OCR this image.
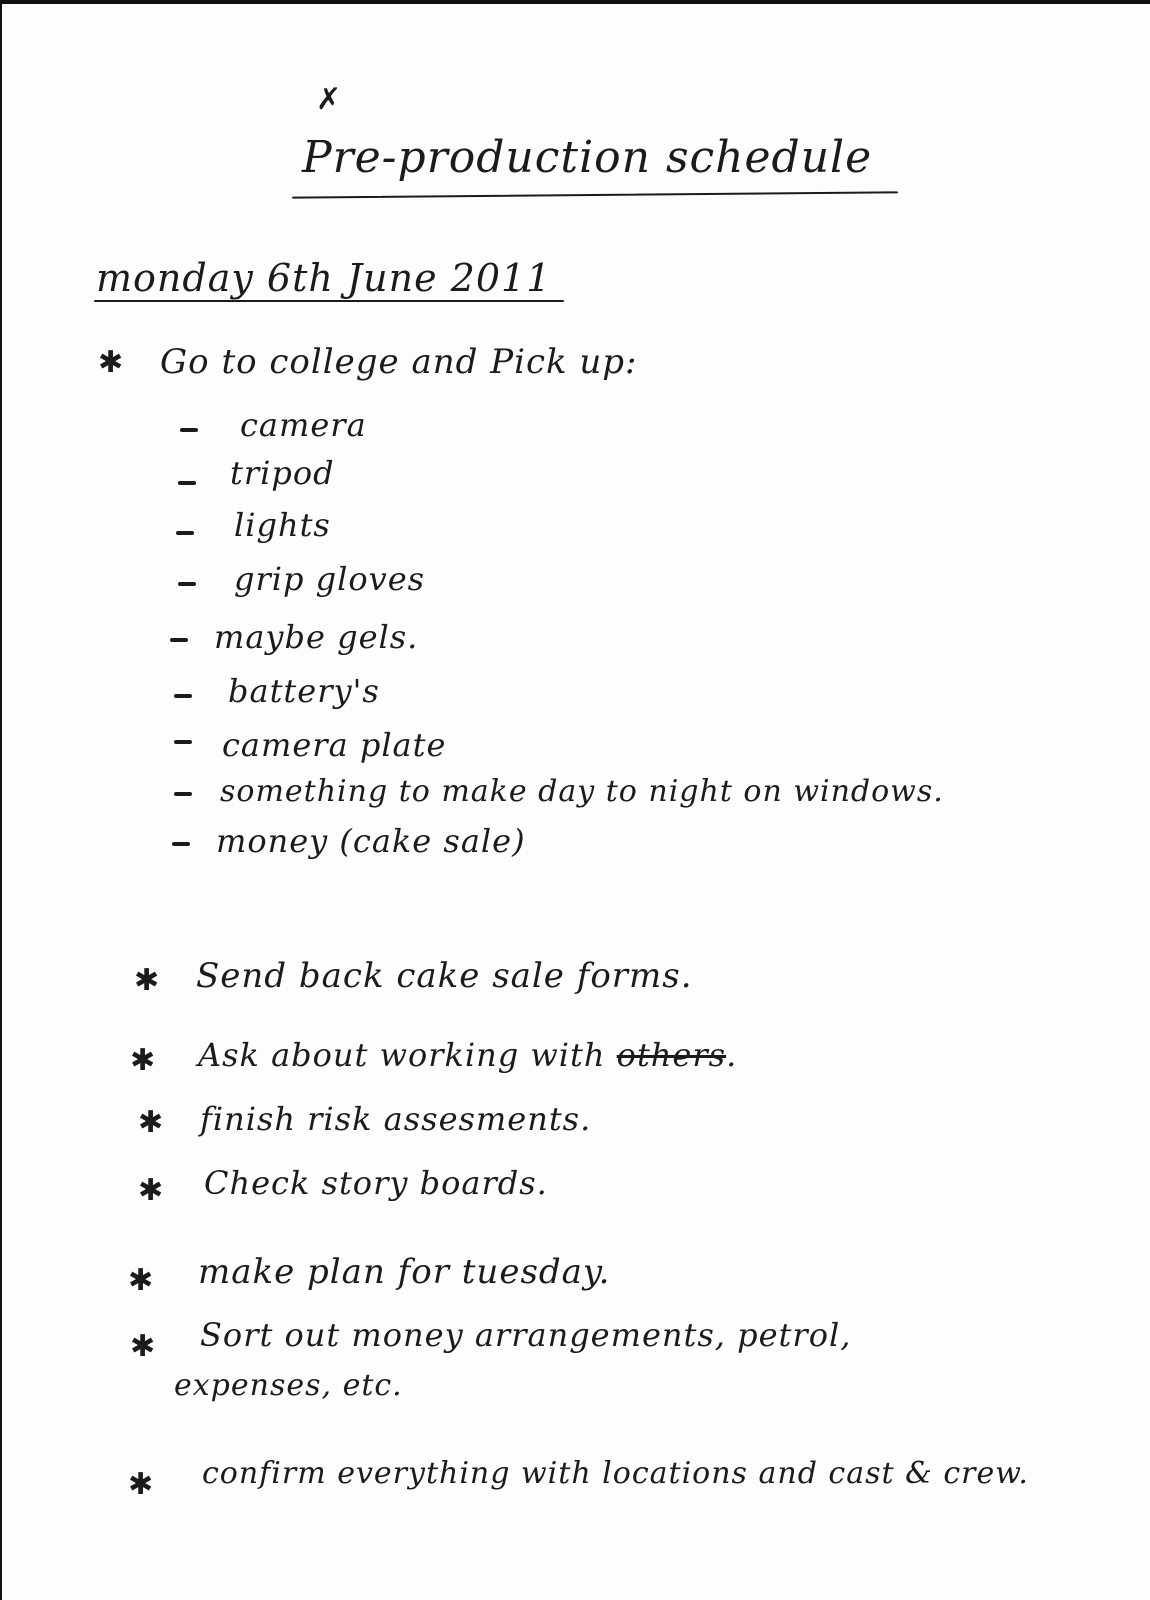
✗
Pre-production schedule
monday 6th June 2011
✱ Go to college and Pick up:
camera
tripod
lights
grip gloves
maybe gels.
battery's
camera plate
something to make day to night on windows.
money (cake sale)
✱ Send back cake sale forms.
✱ Ask about working with others.
✱ finish risk assesments.
✱ Check story boards.
✱ make plan for tuesday.
✱ Sort out money arrangements, petrol,
expenses, etc.
✱ confirm everything with locations and cast & crew.
